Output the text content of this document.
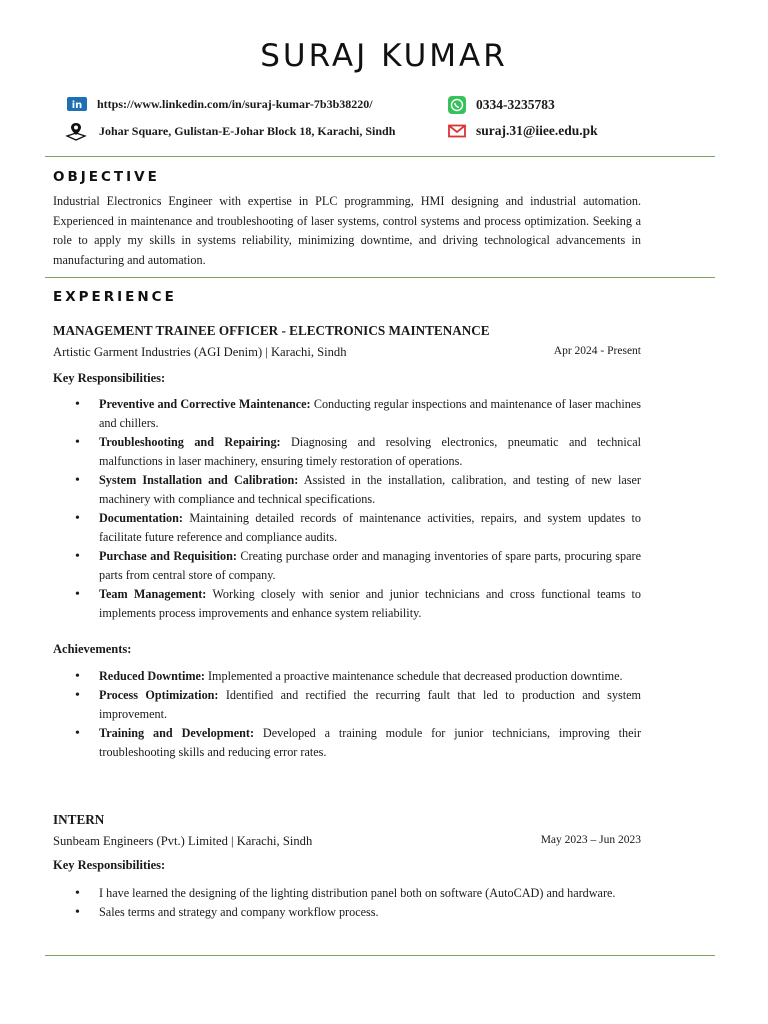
SURAJ KUMAR
in https://www.linkedin.com/in/suraj-kumar-7b3b38220/
Johar Square, Gulistan-E-Johar Block 18, Karachi, Sindh
0334-3235783
suraj.31@iiee.edu.pk
OBJECTIVE
Industrial Electronics Engineer with expertise in PLC programming, HMI designing and industrial automation. Experienced in maintenance and troubleshooting of laser systems, control systems and process optimization. Seeking a role to apply my skills in systems reliability, minimizing downtime, and driving technological advancements in manufacturing and automation.
EXPERIENCE
MANAGEMENT TRAINEE OFFICER - ELECTRONICS MAINTENANCE
Artistic Garment Industries (AGI Denim) | Karachi, Sindh	Apr 2024 - Present
Key Responsibilities:
• Preventive and Corrective Maintenance: Conducting regular inspections and maintenance of laser machines and chillers.
• Troubleshooting and Repairing: Diagnosing and resolving electronics, pneumatic and technical malfunctions in laser machinery, ensuring timely restoration of operations.
• System Installation and Calibration: Assisted in the installation, calibration, and testing of new laser machinery with compliance and technical specifications.
• Documentation: Maintaining detailed records of maintenance activities, repairs, and system updates to facilitate future reference and compliance audits.
• Purchase and Requisition: Creating purchase order and managing inventories of spare parts, procuring spare parts from central store of company.
• Team Management: Working closely with senior and junior technicians and cross functional teams to implements process improvements and enhance system reliability.
Achievements:
• Reduced Downtime: Implemented a proactive maintenance schedule that decreased production downtime.
• Process Optimization: Identified and rectified the recurring fault that led to production and system improvement.
• Training and Development: Developed a training module for junior technicians, improving their troubleshooting skills and reducing error rates.
INTERN
Sunbeam Engineers (Pvt.) Limited | Karachi, Sindh	May 2023 – Jun 2023
Key Responsibilities:
• I have learned the designing of the lighting distribution panel both on software (AutoCAD) and hardware.
• Sales terms and strategy and company workflow process.
